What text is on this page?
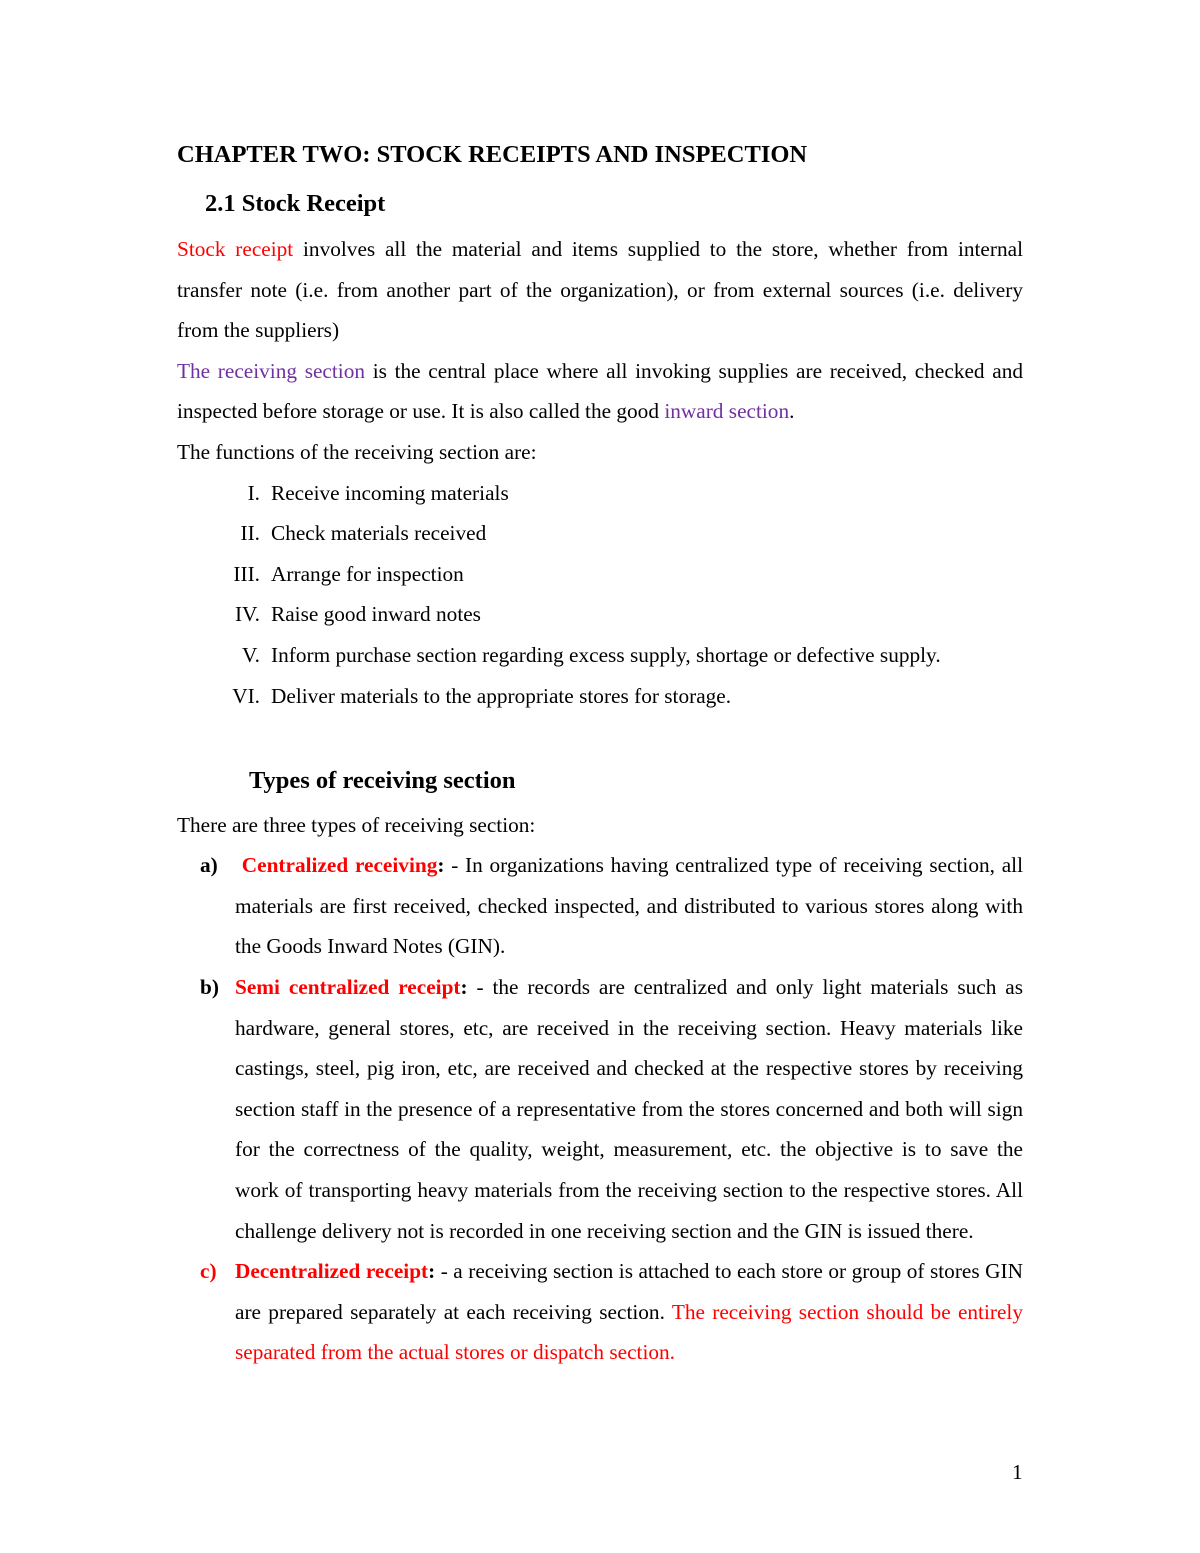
CHAPTER TWO: STOCK RECEIPTS AND INSPECTION
2.1 Stock Receipt
Stock receipt involves all the material and items supplied to the store, whether from internal transfer note (i.e. from another part of the organization), or from external sources (i.e. delivery from the suppliers)
The receiving section is the central place where all invoking supplies are received, checked and inspected before storage or use. It is also called the good inward section.
The functions of the receiving section are:
I. Receive incoming materials
II. Check materials received
III. Arrange for inspection
IV. Raise good inward notes
V. Inform purchase section regarding excess supply, shortage or defective supply.
VI. Deliver materials to the appropriate stores for storage.
Types of receiving section
There are three types of receiving section:
a) Centralized receiving: - In organizations having centralized type of receiving section, all materials are first received, checked inspected, and distributed to various stores along with the Goods Inward Notes (GIN).
b) Semi centralized receipt: - the records are centralized and only light materials such as hardware, general stores, etc, are received in the receiving section. Heavy materials like castings, steel, pig iron, etc, are received and checked at the respective stores by receiving section staff in the presence of a representative from the stores concerned and both will sign for the correctness of the quality, weight, measurement, etc. the objective is to save the work of transporting heavy materials from the receiving section to the respective stores. All challenge delivery not is recorded in one receiving section and the GIN is issued there.
c) Decentralized receipt: - a receiving section is attached to each store or group of stores GIN are prepared separately at each receiving section. The receiving section should be entirely separated from the actual stores or dispatch section.
1
